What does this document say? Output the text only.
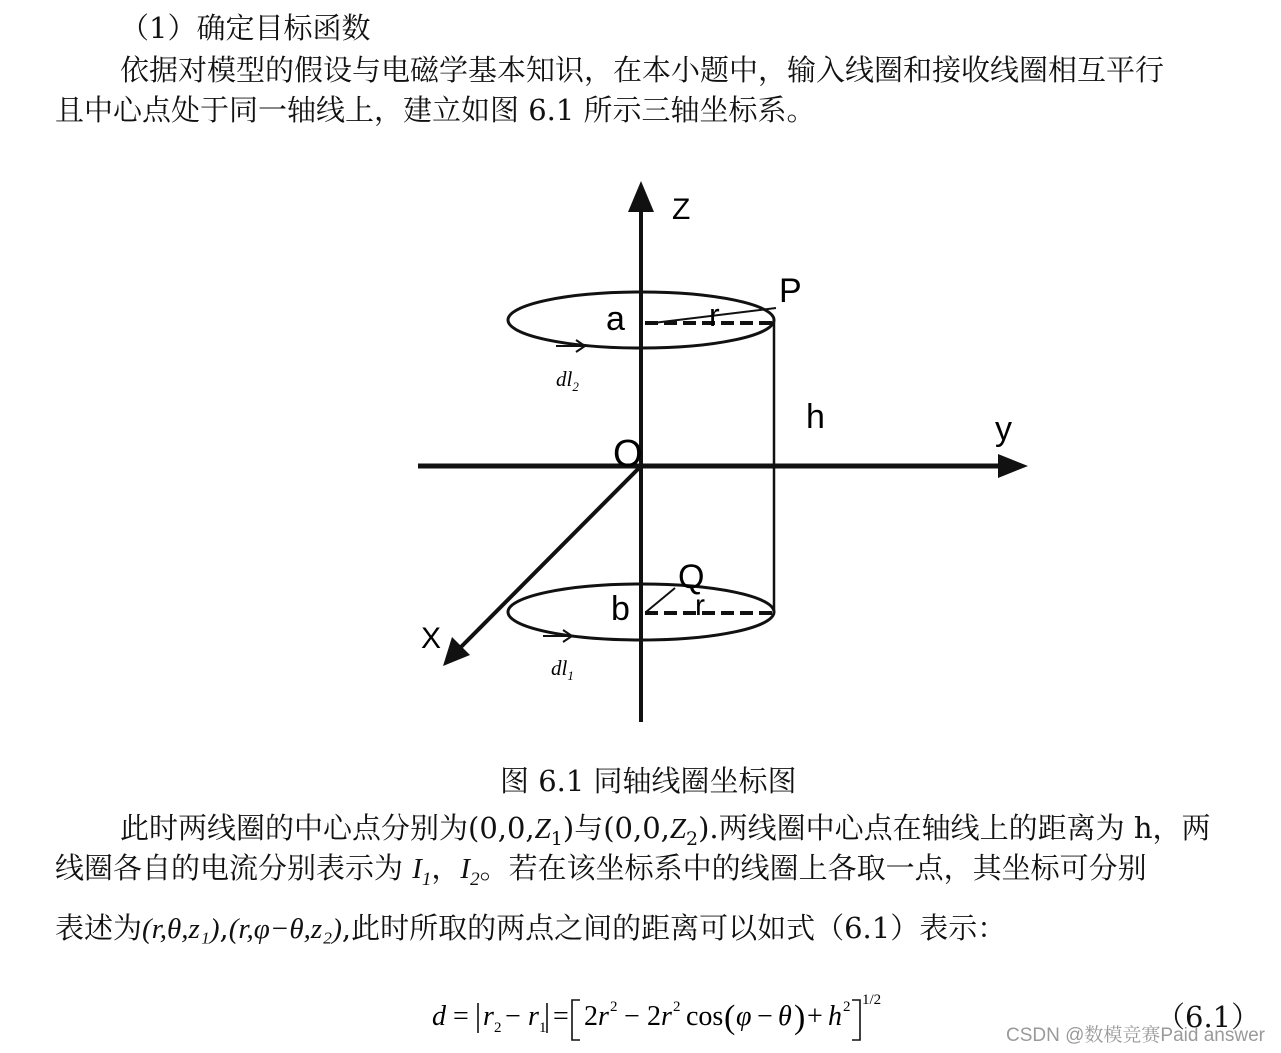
（1）确定目标函数
依据对模型的假设与电磁学基本知识，在本小题中，输入线圈和接收线圈相互平行
且中心点处于同一轴线上，建立如图 6.1 所示三轴坐标系。
Z
y
X
O
P
Q
a
b
r
r
h
$dl_2$
$dl_1$
d = r 2 − r 1 = 2 r 2 − 2 r 2 cos ( φ − θ ) + h 2 1/2
图 6.1 同轴线圈坐标图
此时两线圈的中心点分别为$(0,0,Z_1)$与$(0,0,Z_2)$.两线圈中心点在轴线上的距离为 h，两
线圈各自的电流分别表示为 $I_1$，$I_2$。若在该坐标系中的线圈上各取一点，其坐标可分别
表述为(r,θ,z₁),(r,φ−θ,z₂),此时所取的两点之间的距离可以如式（6.1）表示：
（6.1）
CSDN @数模竞赛Paid answer
